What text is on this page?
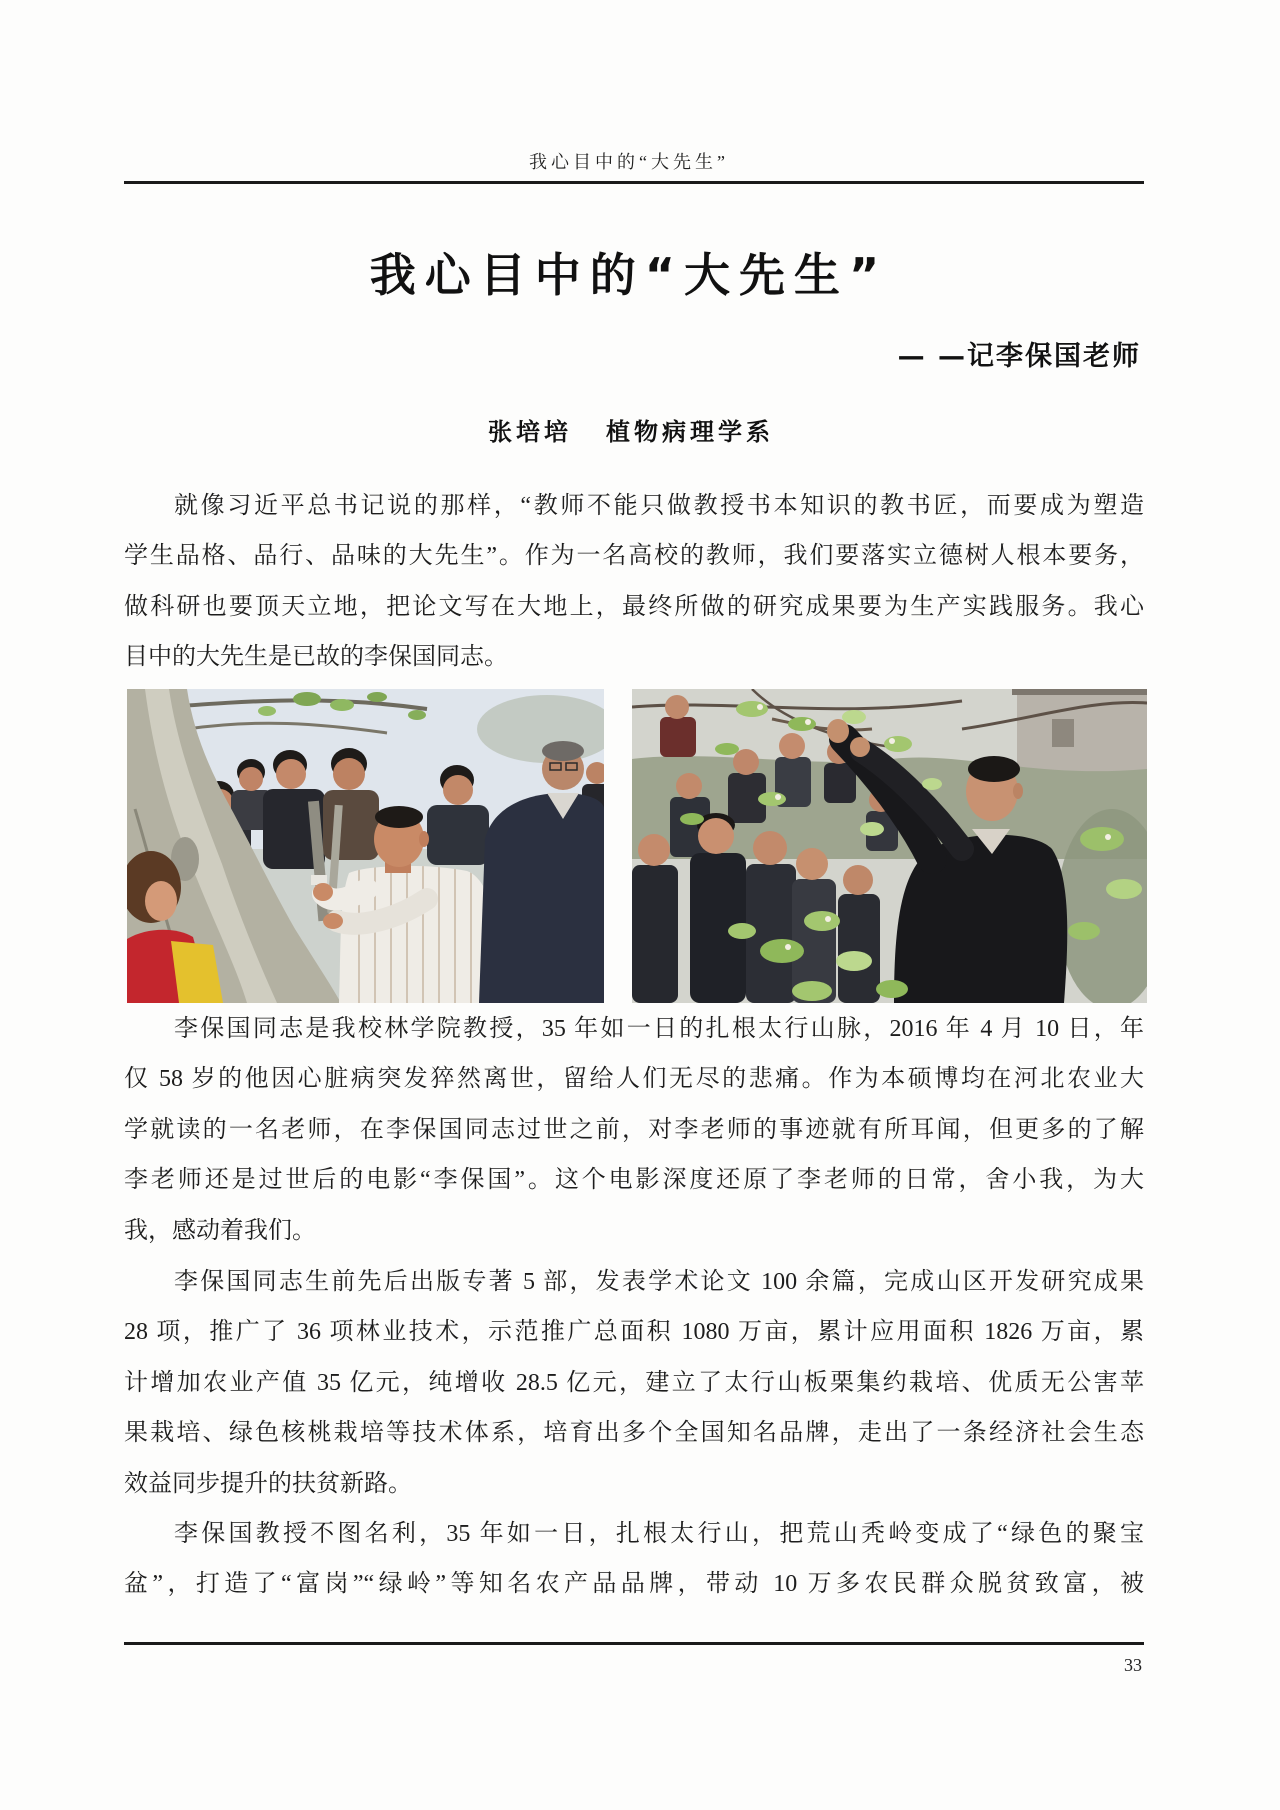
我心目中的“大先生”
我心目中的“大先生”
— —记李保国老师
张培培 植物病理学系
就像习近平总书记说的那样，“教师不能只做教授书本知识的教书匠，而要成为塑造
学生品格、品行、品味的大先生”。作为一名高校的教师，我们要落实立德树人根本要务，
做科研也要顶天立地，把论文写在大地上，最终所做的研究成果要为生产实践服务。我心
目中的大先生是已故的李保国同志。
李保国同志是我校林学院教授，35 年如一日的扎根太行山脉，2016 年 4 月 10 日，年
仅 58 岁的他因心脏病突发猝然离世，留给人们无尽的悲痛。作为本硕博均在河北农业大
学就读的一名老师，在李保国同志过世之前，对李老师的事迹就有所耳闻，但更多的了解
李老师还是过世后的电影“李保国”。这个电影深度还原了李老师的日常，舍小我，为大
我，感动着我们。
李保国同志生前先后出版专著 5 部，发表学术论文 100 余篇，完成山区开发研究成果
28 项，推广了 36 项林业技术，示范推广总面积 1080 万亩，累计应用面积 1826 万亩，累
计增加农业产值 35 亿元，纯增收 28.5 亿元，建立了太行山板栗集约栽培、优质无公害苹
果栽培、绿色核桃栽培等技术体系，培育出多个全国知名品牌，走出了一条经济社会生态
效益同步提升的扶贫新路。
李保国教授不图名利，35 年如一日，扎根太行山，把荒山秃岭变成了“绿色的聚宝
盆”，打造了“富岗”“绿岭”等知名农产品品牌，带动 10 万多农民群众脱贫致富，被
33
